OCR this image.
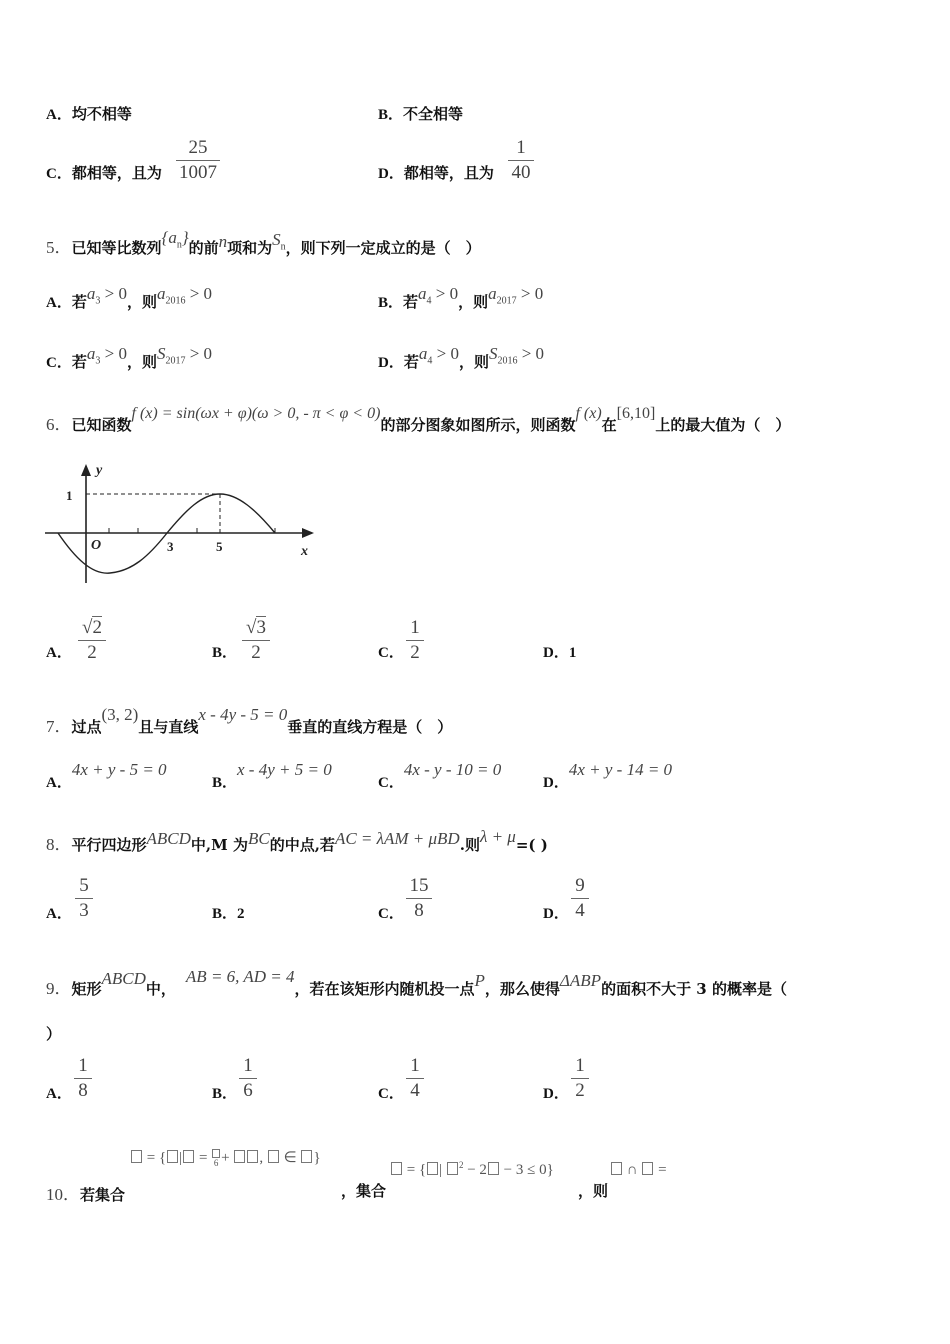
A．均不相等	B．不全相等
C．都相等，且为
25
1007	D．都相等，且为
1
40
5．已知等比数列$\{a_n\}$的前n项和为$S_n$，则下列一定成立的是（　）
A．若$a_3 > 0$，则$a_{2016} > 0$	B．若$a_4 > 0$，则$a_{2017} > 0$
C．若$a_3 > 0$，则$S_{2017} > 0$	D．若$a_4 > 0$，则$S_{2016} > 0$
6．已知函数f (x) = sin(ωx + φ)(ω > 0, - π < φ < 0)的部分图象如图所示，则函数f (x)在[6,10]上的最大值为（　）
y
x
O
1
3	5
A．
√2
2	B．
√3
2	C．
1
2	D．1
7．过点(3, 2)且与直线x - 4y - 5 = 0垂直的直线方程是（　）
A．4x + y - 5 = 0
B．x - 4y + 5 = 0
C．4x - y - 10 = 0
D．4x + y - 14 = 0
8．平行四边形ABCD中,M 为BC的中点,若AC = λAM + μBD.则λ + μ=( )
A．
5
3	B．2	C．
15
8	D．
9
4
9．矩形ABCD中，AB = 6, AD = 4，若在该矩形内随机投一点P，那么使得ΔABP的面积不大于 3 的概率是（
）
A．
1
8	B．
1
6	C．
1
4	D．
1
2
10．若集合
= { | =
6 + ,  ∈ }
，集合
= { | $^2$ − 2 − 3 ≤ 0}
，则
∩ =
